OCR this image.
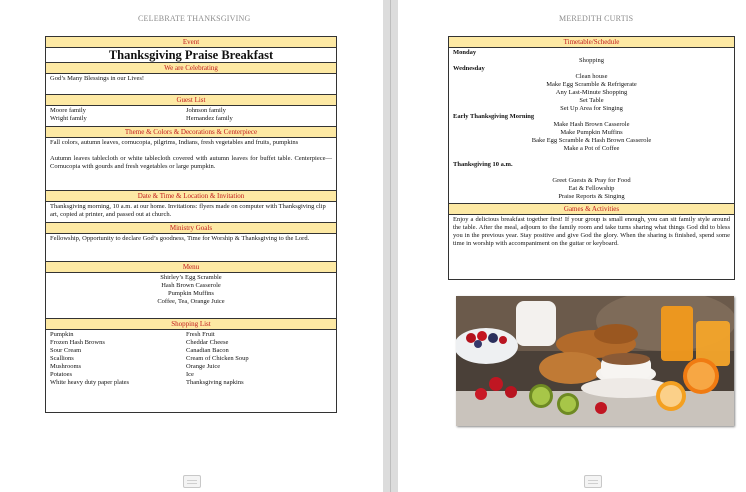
CELEBRATE THANKSGIVING	MEREDITH CURTIS
Event
Thanksgiving Praise Breakfast
We are Celebrating
God’s Many Blessings in our Lives!
Guest List
Moore family	Johnson family
Wright family	Hernandez family
Theme & Colors & Decorations & Centerpiece
Fall colors, autumn leaves, cornucopia, pilgrims, Indians, fresh vegetables and fruits, pumpkins
Autumn leaves tablecloth or white tablecloth covered with autumn leaves for buffet table. Centerpiece—Cornucopia with gourds and fresh vegetables or large pumpkin.
Date & Time & Location & Invitation
Thanksgiving morning, 10 a.m. at our home. Invitations: flyers made on computer with Thanksgiving clip art, copied at printer, and passed out at church.
Ministry Goals
Fellowship, Opportunity to declare God’s goodness, Time for Worship & Thanksgiving to the Lord.
Menu
Shirley’s Egg Scramble
Hash Brown Casserole
Pumpkin Muffins
Coffee, Tea, Orange Juice
Shopping List
Pumpkin	Fresh Fruit
Frozen Hash Browns	Cheddar Cheese
Sour Cream	Canadian Bacon
Scallions	Cream of Chicken Soup
Mushrooms	Orange Juice
Potatoes	Ice
White heavy duty paper plates	Thanksgiving napkins
Timetable/Schedule
Monday
Shopping
Wednesday
Clean house
Make Egg Scramble & Refrigerate
Any Last-Minute Shopping
Set Table
Set Up Area for Singing
Early Thanksgiving Morning
Make Hash Brown Casserole
Make Pumpkin Muffins
Bake Egg Scramble & Hash Brown Casserole
Make a Pot of Coffee
Thanksgiving 10 a.m.
Greet Guests & Pray for Food
Eat & Fellowship
Praise Reports & Singing
Games & Activities
Enjoy a delicious breakfast together first! If your group is small enough, you can sit family style around the table. After the meal, adjourn to the family room and take turns sharing what things God did to bless you in the previous year. Stay positive and give God the glory. When the sharing is finished, spend some time in worship with accompaniment on the guitar or keyboard.
